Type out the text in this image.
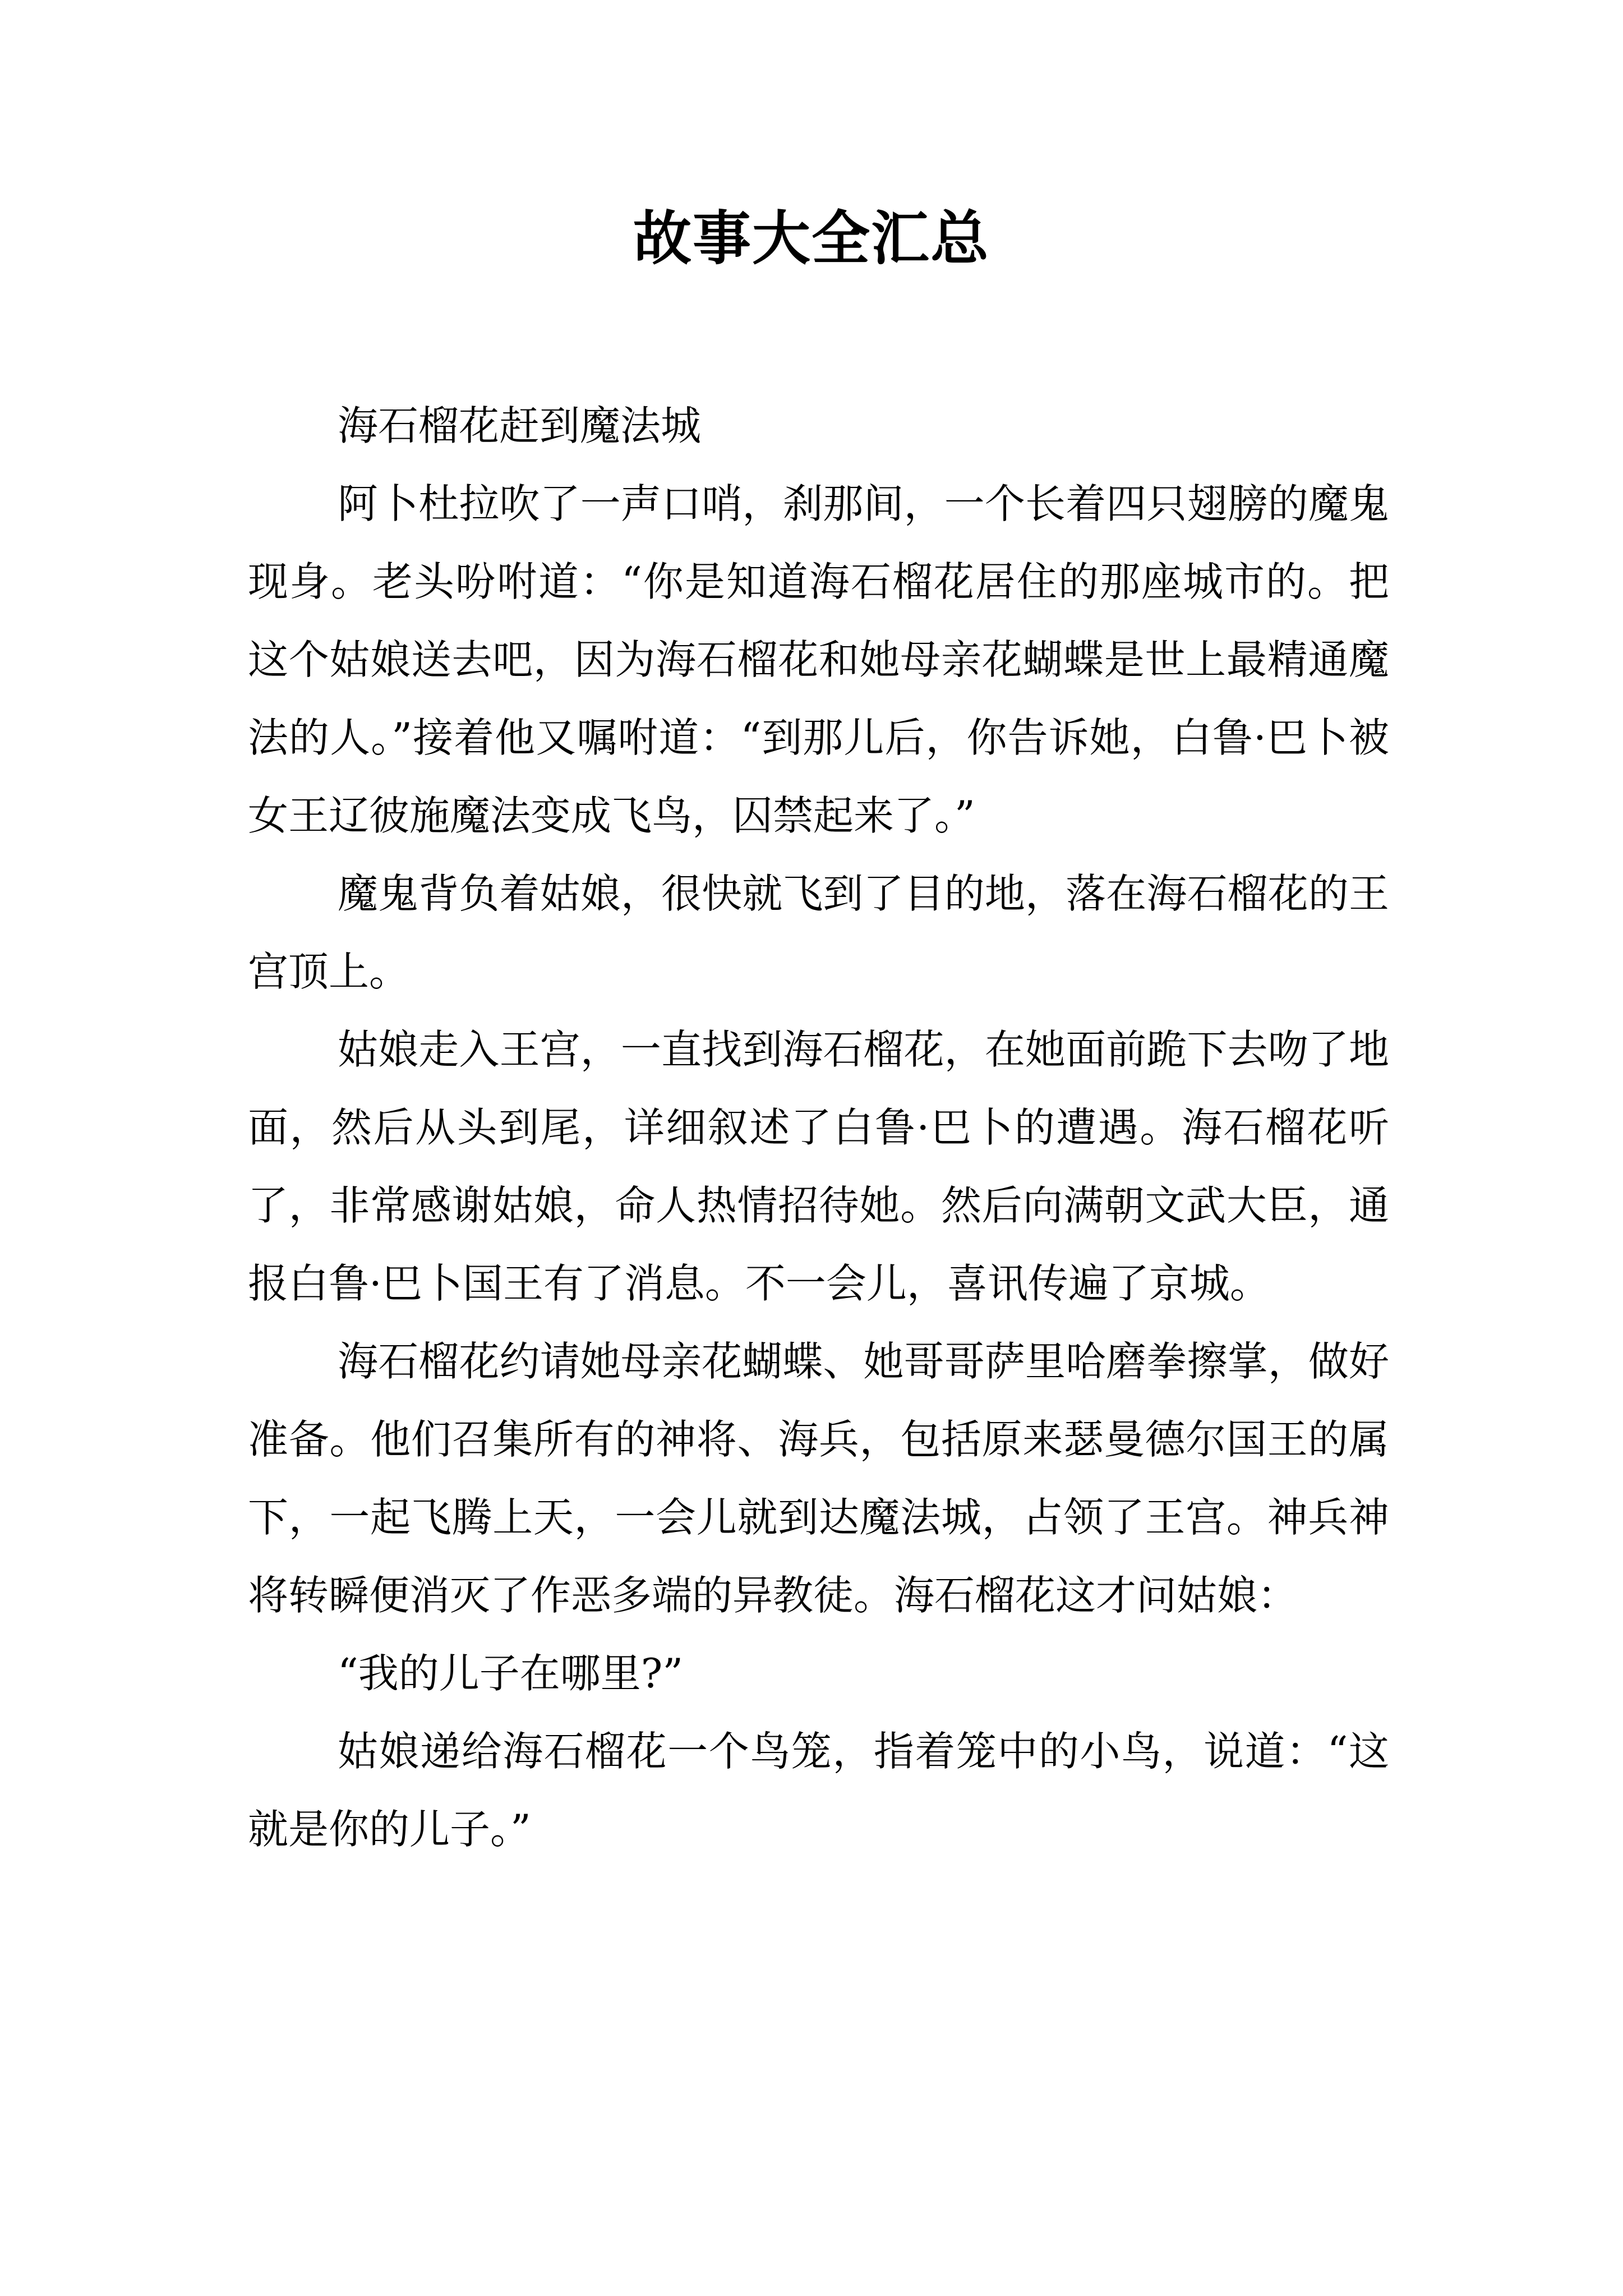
故事大全汇总

海石榴花赶到魔法城

阿卜杜拉吹了一声口哨，刹那间，一个长着四只翅膀的魔鬼现身。老头吩咐道：“你是知道海石榴花居住的那座城市的。把这个姑娘送去吧，因为海石榴花和她母亲花蝴蝶是世上最精通魔法的人。”接着他又嘱咐道：“到那儿后，你告诉她，白鲁·巴卜被女王辽彼施魔法变成飞鸟，囚禁起来了。”

魔鬼背负着姑娘，很快就飞到了目的地，落在海石榴花的王宫顶上。

姑娘走入王宫，一直找到海石榴花，在她面前跪下去吻了地面，然后从头到尾，详细叙述了白鲁·巴卜的遭遇。海石榴花听了，非常感谢姑娘，命人热情招待她。然后向满朝文武大臣，通报白鲁·巴卜国王有了消息。不一会儿，喜讯传遍了京城。

海石榴花约请她母亲花蝴蝶、她哥哥萨里哈磨拳擦掌，做好准备。他们召集所有的神将、海兵，包括原来瑟曼德尔国王的属下，一起飞腾上天，一会儿就到达魔法城，占领了王宫。神兵神将转瞬便消灭了作恶多端的异教徒。海石榴花这才问姑娘：

“我的儿子在哪里?”

姑娘递给海石榴花一个鸟笼，指着笼中的小鸟，说道：“这就是你的儿子。”
